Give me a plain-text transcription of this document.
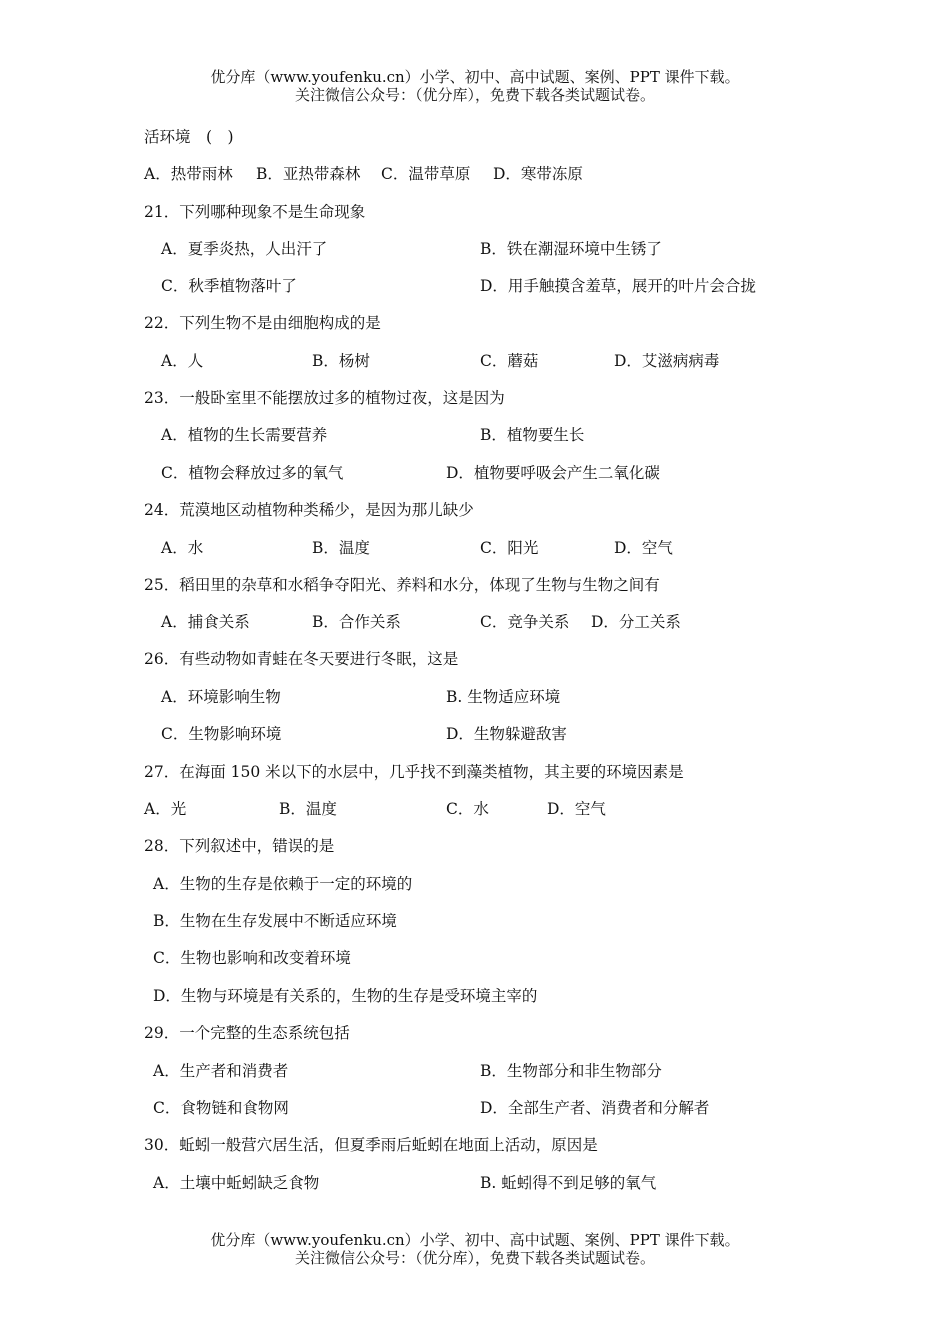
优分库（www.youfenku.cn）小学、初中、高中试题、案例、PPT 课件下载。
关注微信公众号：（优分库），免费下载各类试题试卷。
活环境　(　)
A．热带雨林 B．亚热带森林 C．温带草原 D．寒带冻原
21．下列哪种现象不是生命现象
A．夏季炎热，人出汗了	B．铁在潮湿环境中生锈了
C．秋季植物落叶了	D．用手触摸含羞草，展开的叶片会合拢
22．下列生物不是由细胞构成的是
A．人	B．杨树	C．蘑菇	D．艾滋病病毒
23．一般卧室里不能摆放过多的植物过夜，这是因为
A．植物的生长需要营养	B．植物要生长
C．植物会释放过多的氧气	D．植物要呼吸会产生二氧化碳
24．荒漠地区动植物种类稀少，是因为那儿缺少
A．水	B．温度	C．阳光	D．空气
25．稻田里的杂草和水稻争夺阳光、养料和水分，体现了生物与生物之间有
A．捕食关系	B．合作关系	C．竞争关系 D．分工关系
26．有些动物如青蛙在冬天要进行冬眠，这是
A．环境影响生物	B. 生物适应环境
C．生物影响环境	D．生物躲避敌害
27．在海面 150 米以下的水层中，几乎找不到藻类植物，其主要的环境因素是
A．光	B．温度	C．水	D．空气
28．下列叙述中，错误的是
A．生物的生存是依赖于一定的环境的
B．生物在生存发展中不断适应环境
C．生物也影响和改变着环境
D．生物与环境是有关系的，生物的生存是受环境主宰的
29．一个完整的生态系统包括
A．生产者和消费者	B．生物部分和非生物部分
C．食物链和食物网	D．全部生产者、消费者和分解者
30．蚯蚓一般营穴居生活，但夏季雨后蚯蚓在地面上活动，原因是
A．土壤中蚯蚓缺乏食物	B. 蚯蚓得不到足够的氧气
优分库（www.youfenku.cn）小学、初中、高中试题、案例、PPT 课件下载。
关注微信公众号：（优分库），免费下载各类试题试卷。
